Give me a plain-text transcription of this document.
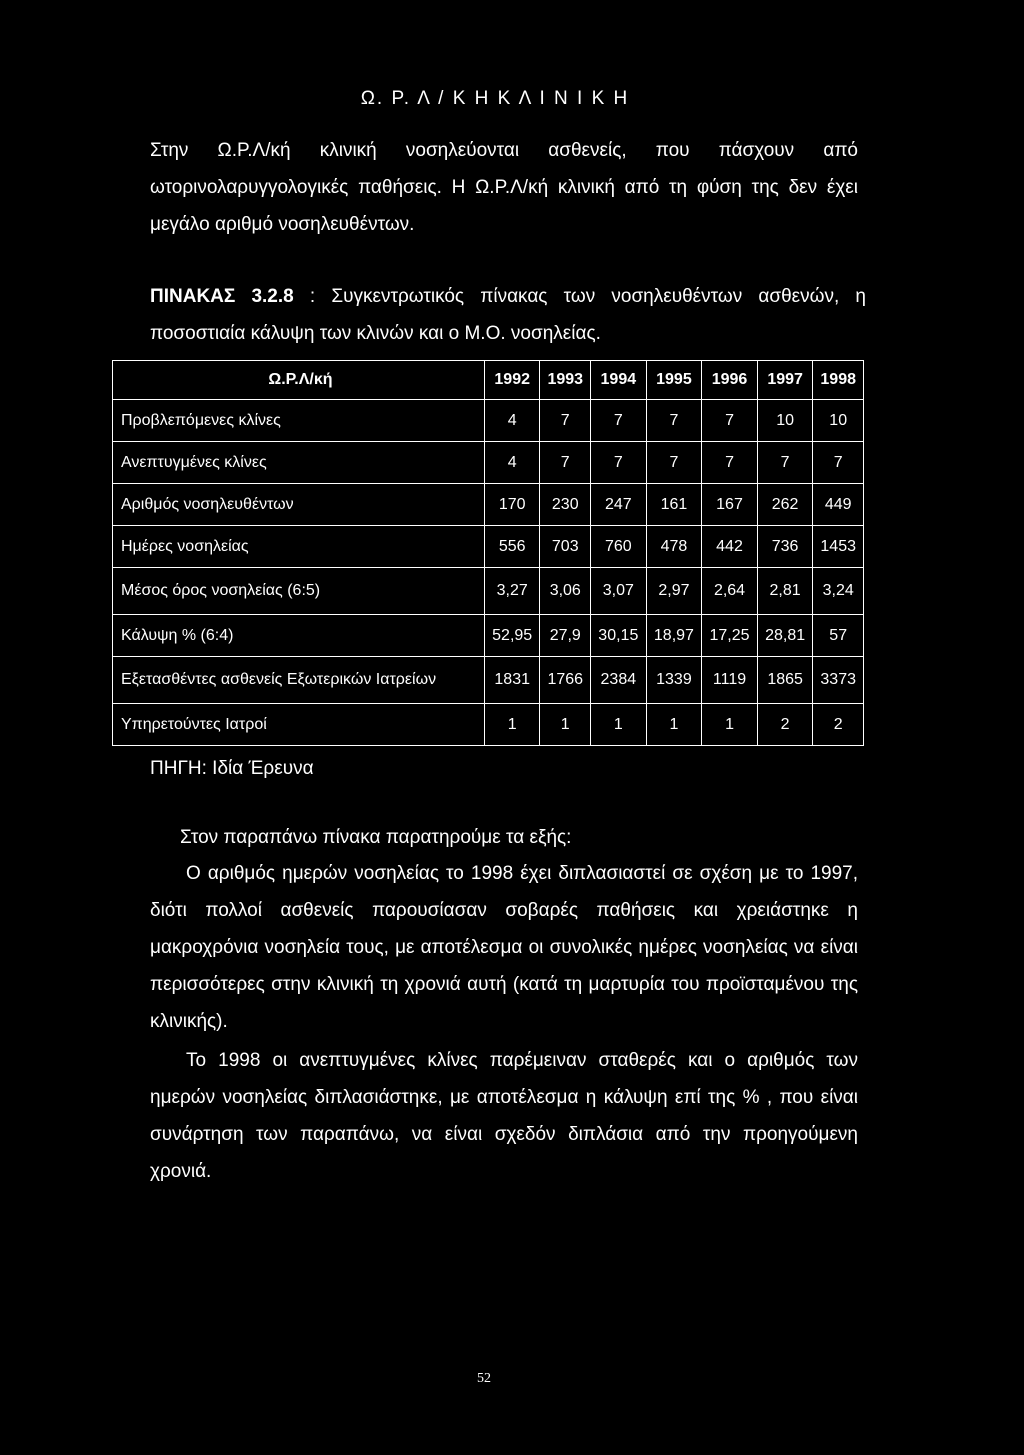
Ω. Ρ. Λ / Κ Η Κ Λ Ι Ν Ι Κ Η
Στην Ω.Ρ.Λ/κή κλινική νοσηλεύονται ασθενείς, που πάσχουν από ωτορινολαρυγγολογικές παθήσεις. Η Ω.Ρ.Λ/κή κλινική από τη φύση της δεν έχει μεγάλο αριθμό νοσηλευθέντων.
ΠΙΝΑΚΑΣ 3.2.8 : Συγκεντρωτικός πίνακας των νοσηλευθέντων ασθενών, η ποσοστιαία κάλυψη των κλινών και ο Μ.Ο. νοσηλείας.
Ω.Ρ.Λ/κή	1992	1993	1994	1995	1996	1997	1998
Προβλεπόμενες κλίνες	4	7	7	7	7	10	10
Ανεπτυγμένες κλίνες	4	7	7	7	7	7	7
Αριθμός νοσηλευθέντων	170	230	247	161	167	262	449
Ημέρες νοσηλείας	556	703	760	478	442	736	1453
Μέσος όρος νοσηλείας (6:5)	3,27	3,06	3,07	2,97	2,64	2,81	3,24
Κάλυψη % (6:4)	52,95	27,9	30,15	18,97	17,25	28,81	57
Εξετασθέντες ασθενείς Εξωτερικών Ιατρείων	1831	1766	2384	1339	1119	1865	3373
Υπηρετούντες Ιατροί	1	1	1	1	1	2	2
ΠΗΓΗ: Ιδία Έρευνα
Στον παραπάνω πίνακα παρατηρούμε τα εξής:
Ο αριθμός ημερών νοσηλείας το 1998 έχει διπλασιαστεί σε σχέση με το 1997, διότι πολλοί ασθενείς παρουσίασαν σοβαρές παθήσεις και χρειάστηκε η μακροχρόνια νοσηλεία τους, με αποτέλεσμα οι συνολικές ημέρες νοσηλείας να είναι περισσότερες στην κλινική τη χρονιά αυτή (κατά τη μαρτυρία του προϊσταμένου της κλινικής).
Το 1998 οι ανεπτυγμένες κλίνες παρέμειναν σταθερές και ο αριθμός των ημερών νοσηλείας διπλασιάστηκε, με αποτέλεσμα η κάλυψη επί της % , που είναι συνάρτηση των παραπάνω, να είναι σχεδόν διπλάσια από την προηγούμενη χρονιά.
52
